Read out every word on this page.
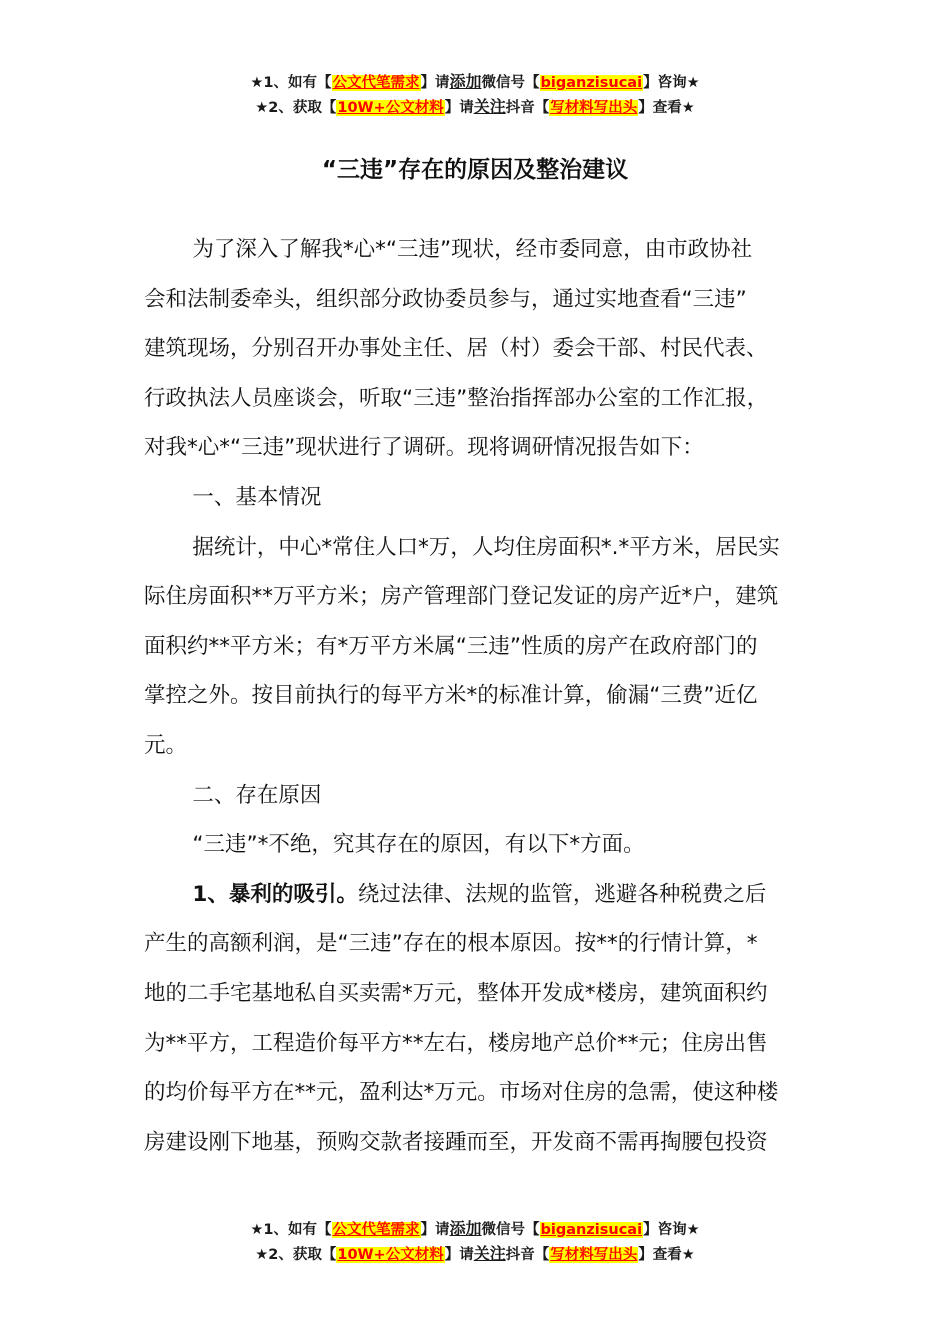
★1、如有【公文代笔需求】请添加微信号【biganzisucai】咨询★
★2、获取【10W+公文材料】请关注抖音【写材料写出头】查看★
“三违”存在的原因及整治建议

为了深入了解我*心*“三违”现状，经市委同意，由市政协社

会和法制委牵头，组织部分政协委员参与，通过实地查看“三违”
建筑现场，分别召开办事处主任、居（村）委会干部、村民代表、
行政执法人员座谈会，听取“三违”整治指挥部办公室的工作汇报，
对我*心*“三违”现状进行了调研。现将调研情况报告如下：

一、基本情况

据统计，中心*常住人口*万，人均住房面积*.*平方米，居民实

际住房面积**万平方米；房产管理部门登记发证的房产近*户，建筑
面积约**平方米；有*万平方米属“三违”性质的房产在政府部门的
掌控之外。按目前执行的每平方米*的标准计算，偷漏“三费”近亿
元。

二、存在原因

“三违”*不绝，究其存在的原因，有以下*方面。

1、暴利的吸引。绕过法律、法规的监管，逃避各种税费之后

产生的高额利润，是“三违”存在的根本原因。按**的行情计算，*
地的二手宅基地私自买卖需*万元，整体开发成*楼房，建筑面积约
为**平方，工程造价每平方**左右，楼房地产总价**元；住房出售
的均价每平方在**元，盈利达*万元。市场对住房的急需，使这种楼
房建设刚下地基，预购交款者接踵而至，开发商不需再掏腰包投资

★1、如有【公文代笔需求】请添加微信号【biganzisucai】咨询★
★2、获取【10W+公文材料】请关注抖音【写材料写出头】查看★
